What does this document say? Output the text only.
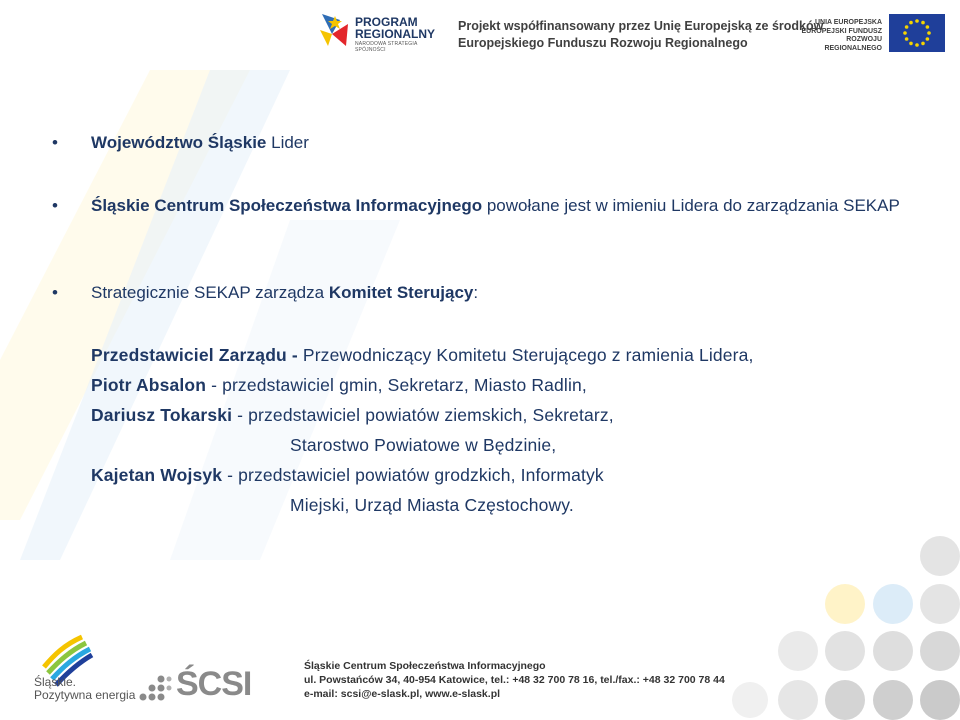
PROGRAM
REGIONALNY
NARODOWA STRATEGIA SPÓJNOŚCI
Projekt współfinansowany przez Unię Europejską ze środków
Europejskiego Funduszu Rozwoju Regionalnego
UNIA EUROPEJSKA
EUROPEJSKI FUNDUSZ
ROZWOJU REGIONALNEGO
•	Województwo Śląskie Lider
•	Śląskie Centrum Społeczeństwa Informacyjnego powołane jest w imieniu Lidera do zarządzania SEKAP
•	Strategicznie SEKAP zarządza Komitet Sterujący:
Przedstawiciel Zarządu - Przewodniczący Komitetu Sterującego z ramienia Lidera,
Piotr Absalon - przedstawiciel gmin, Sekretarz, Miasto Radlin,
Dariusz Tokarski - przedstawiciel powiatów ziemskich, Sekretarz,
Starostwo Powiatowe w Będzinie,
Kajetan Wojsyk - przedstawiciel powiatów grodzkich, Informatyk
Miejski, Urząd Miasta Częstochowy.
Śląskie.
Pozytywna energia ŚCSI	Śląskie Centrum Społeczeństwa Informacyjnego
ul. Powstańców 34, 40-954 Katowice, tel.: +48 32 700 78 16, tel./fax.: +48 32 700 78 44
e-mail: scsi@e-slask.pl, www.e-slask.pl
